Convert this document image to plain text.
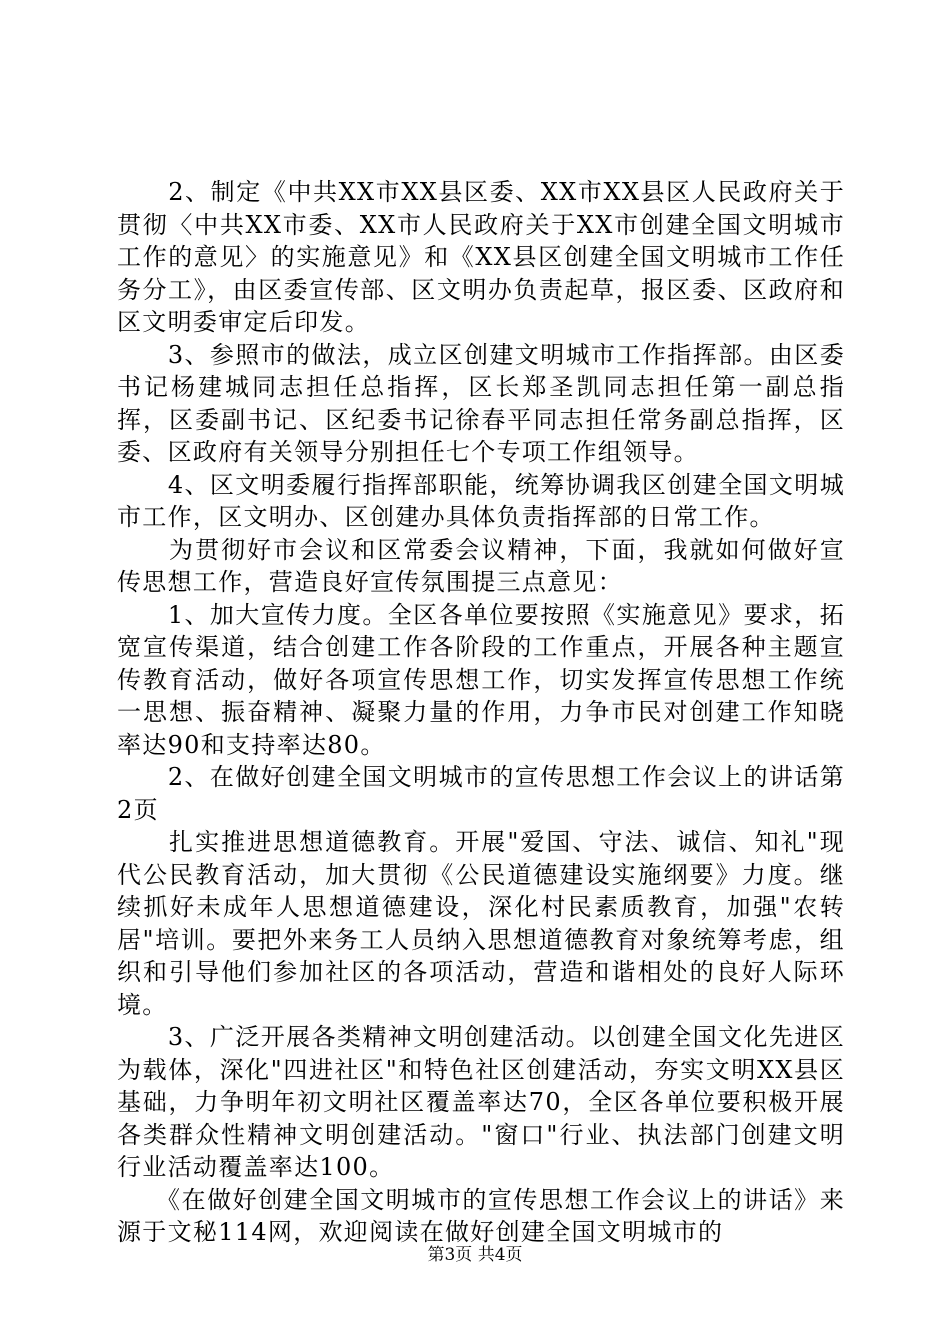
　　2、制定《中共XX市XX县区委、XX市XX县区人民政府关于贯彻〈中共XX市委、XX市人民政府关于XX市创建全国文明城市工作的意见〉的实施意见》和《XX县区创建全国文明城市工作任务分工》，由区委宣传部、区文明办负责起草，报区委、区政府和区文明委审定后印发。

　　3、参照市的做法，成立区创建文明城市工作指挥部。由区委书记杨建城同志担任总指挥，区长郑圣凯同志担任第一副总指挥，区委副书记、区纪委书记徐春平同志担任常务副总指挥，区委、区政府有关领导分别担任七个专项工作组领导。

　　4、区文明委履行指挥部职能，统筹协调我区创建全国文明城市工作，区文明办、区创建办具体负责指挥部的日常工作。

　　为贯彻好市会议和区常委会议精神，下面，我就如何做好宣传思想工作，营造良好宣传氛围提三点意见：

　　1、加大宣传力度。全区各单位要按照《实施意见》要求，拓宽宣传渠道，结合创建工作各阶段的工作重点，开展各种主题宣传教育活动，做好各项宣传思想工作，切实发挥宣传思想工作统一思想、振奋精神、凝聚力量的作用，力争市民对创建工作知晓率达90和支持率达80。

　　2、在做好创建全国文明城市的宣传思想工作会议上的讲话第2页

　　扎实推进思想道德教育。开展"爱国、守法、诚信、知礼"现代公民教育活动，加大贯彻《公民道德建设实施纲要》力度。继续抓好未成年人思想道德建设，深化村民素质教育，加强"农转居"培训。要把外来务工人员纳入思想道德教育对象统筹考虑，组织和引导他们参加社区的各项活动，营造和谐相处的良好人际环境。

　　3、广泛开展各类精神文明创建活动。以创建全国文化先进区为载体，深化"四进社区"和特色社区创建活动，夯实文明XX县区基础，力争明年初文明社区覆盖率达70，全区各单位要积极开展各类群众性精神文明创建活动。"窗口"行业、执法部门创建文明行业活动覆盖率达100。

　　《在做好创建全国文明城市的宣传思想工作会议上的讲话》来源于文秘114网，欢迎阅读在做好创建全国文明城市的

第3页 共4页
